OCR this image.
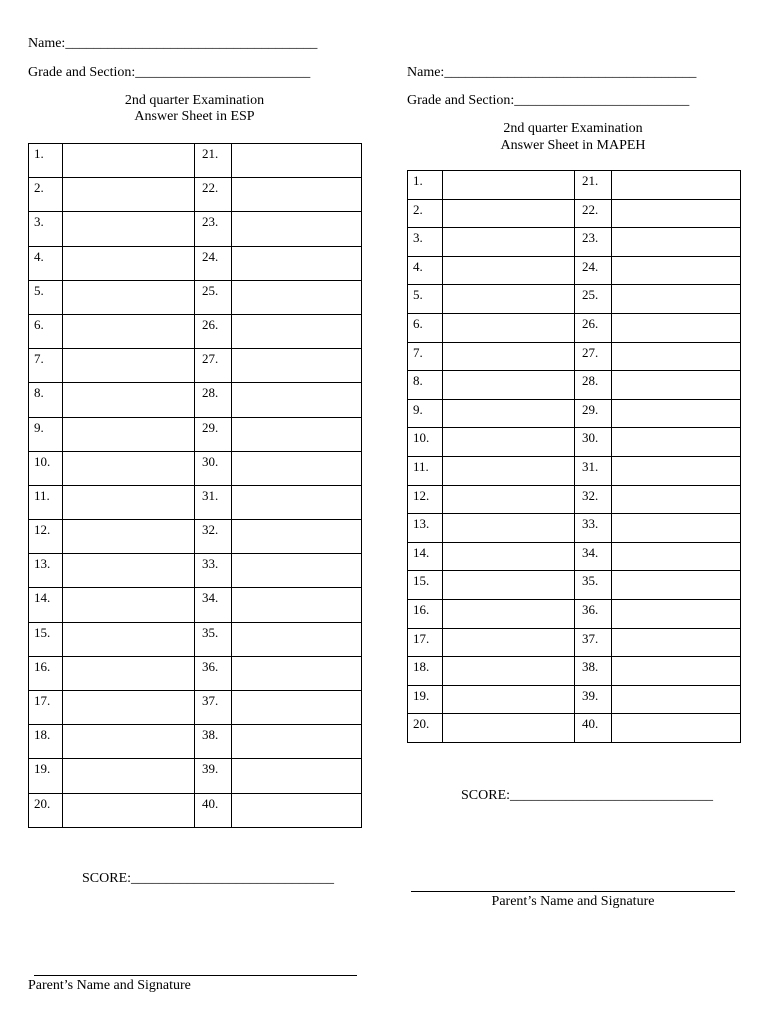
Name:____________________________________
Grade and Section:_________________________
2nd quarter Examination
Answer Sheet in ESP
1.		21.	
2.		22.	
3.		23.	
4.		24.	
5.		25.	
6.		26.	
7.		27.	
8.		28.	
9.		29.	
10.		30.	
11.		31.	
12.		32.	
13.		33.	
14.		34.	
15.		35.	
16.		36.	
17.		37.	
18.		38.	
19.		39.	
20.		40.	
SCORE:_____________________________
Parent’s Name and Signature
Name:____________________________________
Grade and Section:_________________________
2nd quarter Examination
Answer Sheet in MAPEH
1.		21.	
2.		22.	
3.		23.	
4.		24.	
5.		25.	
6.		26.	
7.		27.	
8.		28.	
9.		29.	
10.		30.	
11.		31.	
12.		32.	
13.		33.	
14.		34.	
15.		35.	
16.		36.	
17.		37.	
18.		38.	
19.		39.	
20.		40.	
SCORE:_____________________________
Parent’s Name and Signature
